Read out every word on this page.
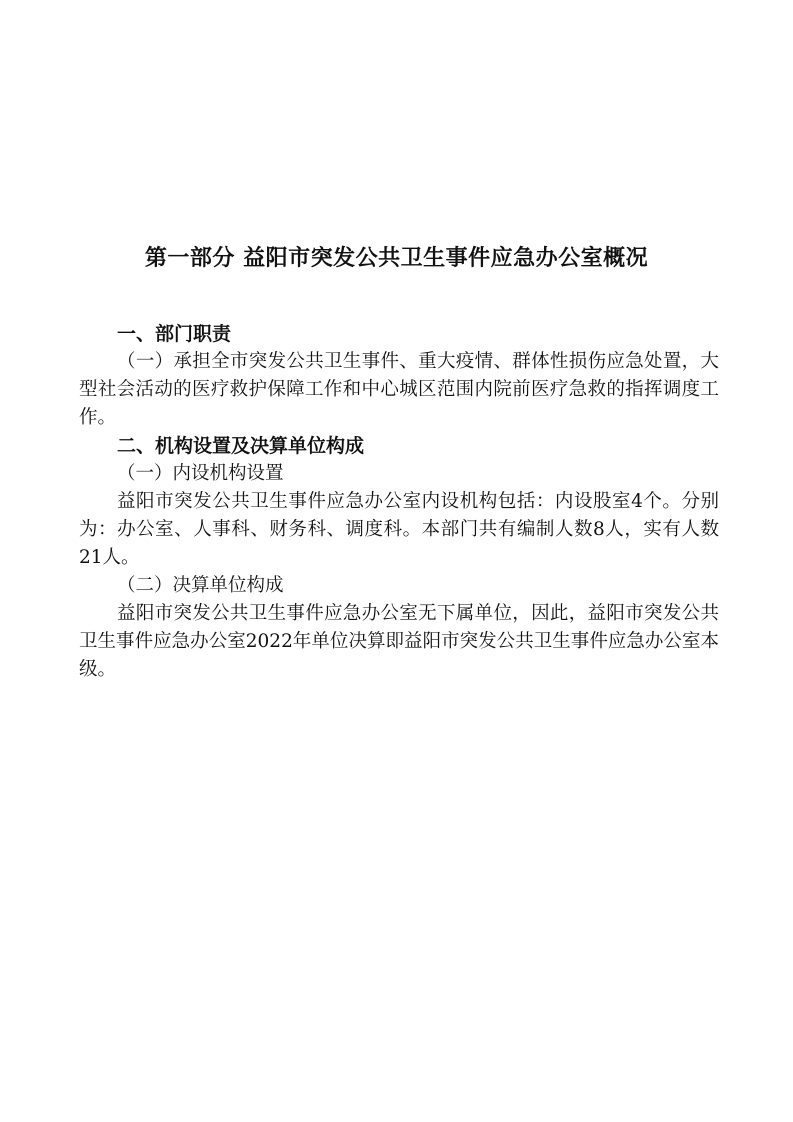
第一部分 益阳市突发公共卫生事件应急办公室概况
一、部门职责

（一）承担全市突发公共卫生事件、重大疫情、群体性损伤应急处置，大型社会活动的医疗救护保障工作和中心城区范围内院前医疗急救的指挥调度工作。

二、机构设置及决算单位构成

（一）内设机构设置

益阳市突发公共卫生事件应急办公室内设机构包括：内设股室4个。分别为：办公室、人事科、财务科、调度科。本部门共有编制人数8人，实有人数21人。

（二）决算单位构成

益阳市突发公共卫生事件应急办公室无下属单位，因此，益阳市突发公共卫生事件应急办公室2022年单位决算即益阳市突发公共卫生事件应急办公室本级。
